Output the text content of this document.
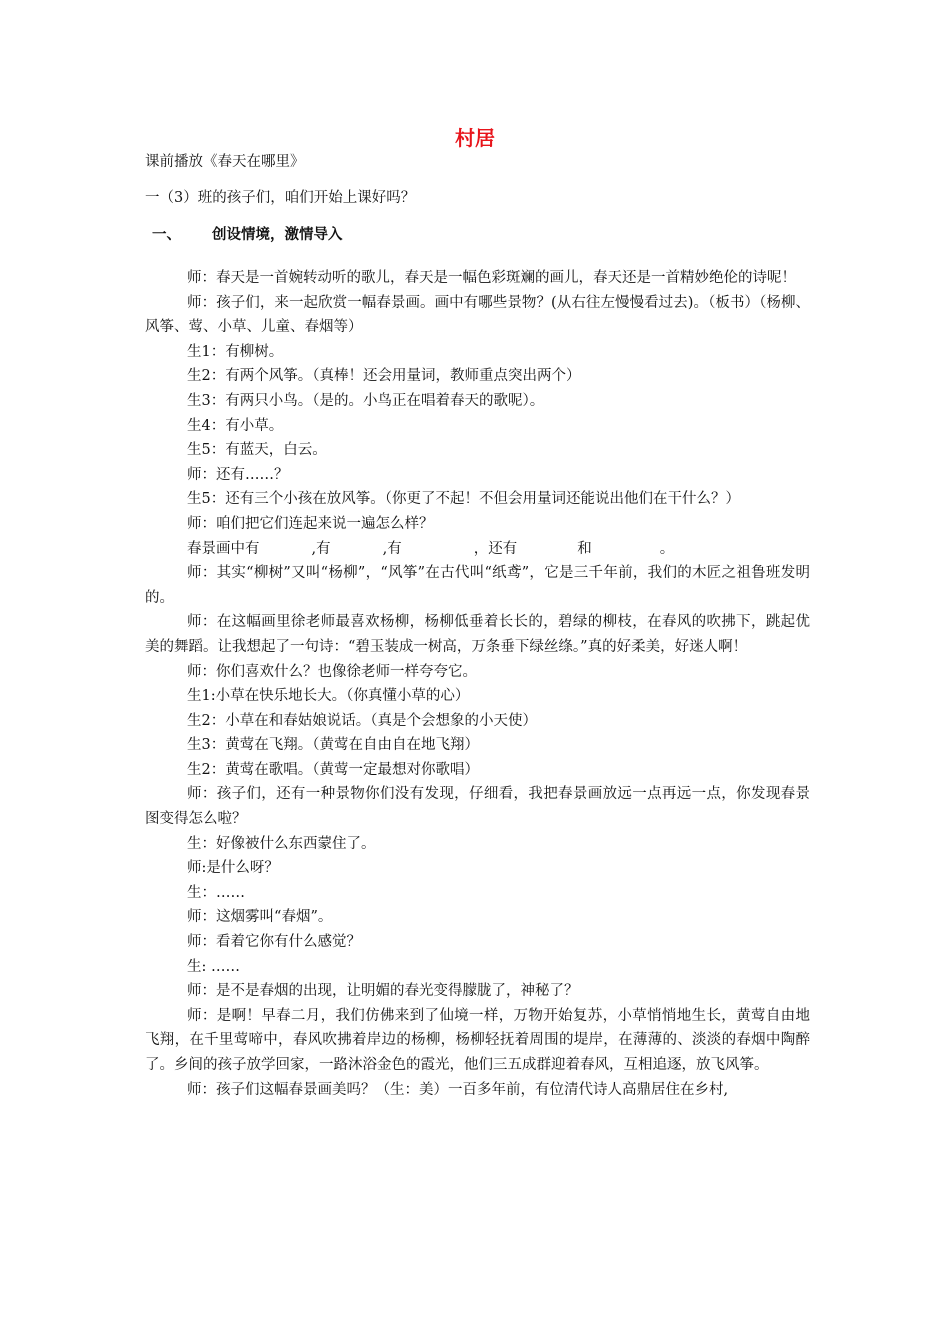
村居
课前播放《春天在哪里》
一（3）班的孩子们，咱们开始上课好吗？
一、 创设情境，激情导入

师：春天是一首婉转动听的歌儿，春天是一幅色彩斑斓的画儿，春天还是一首精妙绝伦的诗呢！

师：孩子们，来一起欣赏一幅春景画。画中有哪些景物？(从右往左慢慢看过去)。（板书）（杨柳、风筝、莺、小草、儿童、春烟等）

生1：有柳树。

生2：有两个风筝。（真棒！还会用量词，教师重点突出两个）

生3：有两只小鸟。（是的。小鸟正在唱着春天的歌呢）。

生4：有小草。

生5：有蓝天，白云。

师：还有……？

生5：还有三个小孩在放风筝。（你更了不起！不但会用量词还能说出他们在干什么？）

师：咱们把它们连起来说一遍怎么样？

春景画中有	,有	,有	，还有	和	。

师：其实“柳树”又叫“杨柳”，“风筝”在古代叫“纸鸢”，它是三千年前，我们的木匠之祖鲁班发明的。

师：在这幅画里徐老师最喜欢杨柳，杨柳低垂着长长的，碧绿的柳枝，在春风的吹拂下，跳起优美的舞蹈。让我想起了一句诗：“碧玉装成一树高，万条垂下绿丝绦。”真的好柔美，好迷人啊！

师：你们喜欢什么？也像徐老师一样夸夸它。

生1:小草在快乐地长大。（你真懂小草的心）

生2：小草在和春姑娘说话。（真是个会想象的小天使）

生3：黄莺在飞翔。（黄莺在自由自在地飞翔）

生2：黄莺在歌唱。（黄莺一定最想对你歌唱）

师：孩子们，还有一种景物你们没有发现，仔细看，我把春景画放远一点再远一点，你发现春景图变得怎么啦？

生：好像被什么东西蒙住了。

师:是什么呀？

生：……

师：这烟雾叫“春烟”。

师：看着它你有什么感觉？

生: ……

师：是不是春烟的出现，让明媚的春光变得朦胧了，神秘了？

师：是啊！早春二月，我们仿佛来到了仙境一样，万物开始复苏，小草悄悄地生长，黄莺自由地飞翔，在千里莺啼中，春风吹拂着岸边的杨柳，杨柳轻抚着周围的堤岸，在薄薄的、淡淡的春烟中陶醉了。乡间的孩子放学回家，一路沐浴金色的霞光，他们三五成群迎着春风，互相追逐，放飞风筝。

师：孩子们这幅春景画美吗？（生：美）一百多年前，有位清代诗人高鼎居住在乡村,
